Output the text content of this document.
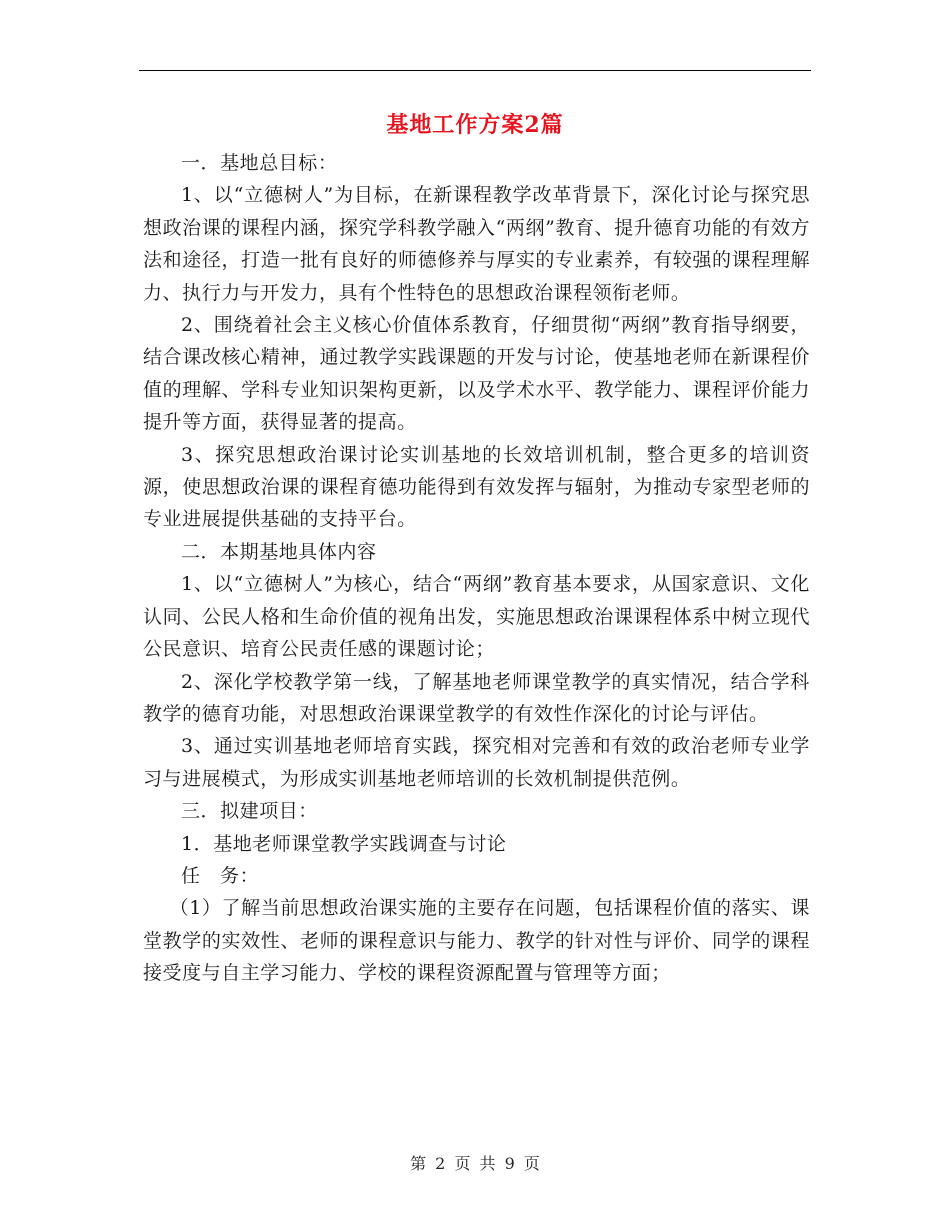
基地工作方案2篇

一．基地总目标：

1、以“立德树人”为目标，在新课程教学改革背景下，深化讨论与探究思想政治课的课程内涵，探究学科教学融入“两纲”教育、提升德育功能的有效方法和途径，打造一批有良好的师德修养与厚实的专业素养，有较强的课程理解力、执行力与开发力，具有个性特色的思想政治课程领衔老师。

2、围绕着社会主义核心价值体系教育，仔细贯彻“两纲”教育指导纲要，结合课改核心精神，通过教学实践课题的开发与讨论，使基地老师在新课程价值的理解、学科专业知识架构更新，以及学术水平、教学能力、课程评价能力提升等方面，获得显著的提高。

3、探究思想政治课讨论实训基地的长效培训机制，整合更多的培训资源，使思想政治课的课程育德功能得到有效发挥与辐射，为推动专家型老师的专业进展提供基础的支持平台。

二．本期基地具体内容

1、以“立德树人”为核心，结合“两纲”教育基本要求，从国家意识、文化认同、公民人格和生命价值的视角出发，实施思想政治课课程体系中树立现代公民意识、培育公民责任感的课题讨论；

2、深化学校教学第一线，了解基地老师课堂教学的真实情况，结合学科教学的德育功能，对思想政治课课堂教学的有效性作深化的讨论与评估。

3、通过实训基地老师培育实践，探究相对完善和有效的政治老师专业学习与进展模式，为形成实训基地老师培训的长效机制提供范例。

三．拟建项目：

1．基地老师课堂教学实践调查与讨论

任　务：

（1）了解当前思想政治课实施的主要存在问题，包括课程价值的落实、课堂教学的实效性、老师的课程意识与能力、教学的针对性与评价、同学的课程接受度与自主学习能力、学校的课程资源配置与管理等方面；

第 2 页 共 9 页
